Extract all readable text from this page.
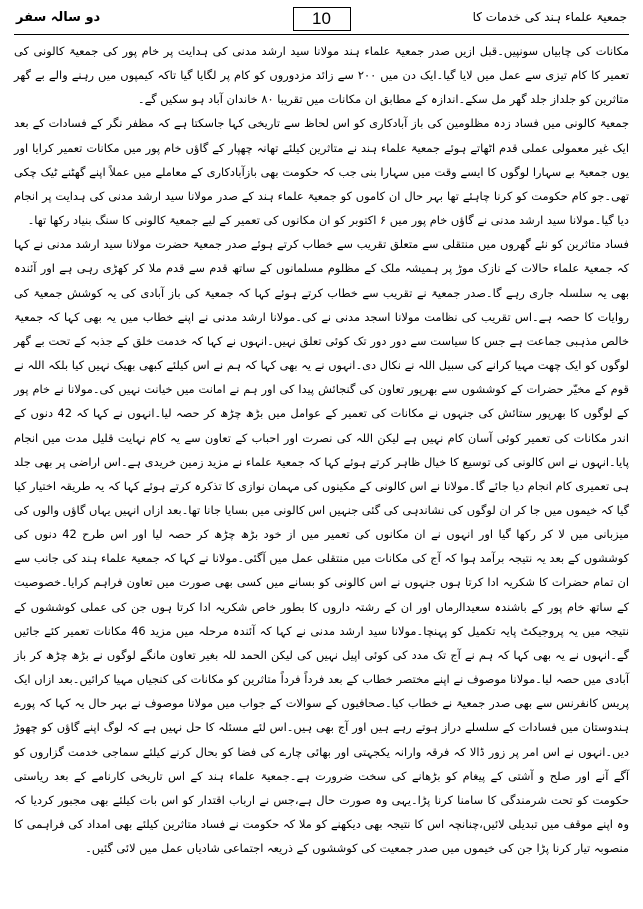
جمعیۃ علماء ہند کی خدمات کا
10
دو سالہ سفر

مکانات کی چابیاں سونپیں۔قبل ازیں صدر جمعیۃ علماء ہند مولانا سید ارشد مدنی کی ہدایت پر خام پور کی جمعیۃ کالونی کی تعمیر کا کام تیزی سے عمل میں لایا گیا۔ایک دن میں ۲۰۰ سے زائد مزدوروں کو کام پر لگایا گیا تاکہ کیمپوں میں رہنے والے بے گھر متاثرین کو جلداز جلد گھر مل سکے۔اندازہ کے مطابق ان مکانات میں تقریبا ۸۰ خاندان آباد ہو سکیں گے۔

جمعیۃ کالونی میں فساد زدہ مظلومین کی باز آبادکاری کو اس لحاظ سے تاریخی کہا جاسکتا ہے کہ مظفر نگر کے فسادات کے بعد ایک غیر معمولی عملی قدم اٹھاتے ہوئے جمعیۃ علماء ہند نے متاثرین کیلئے تھانہ چھپار کے گاؤں خام پور میں مکانات تعمیر کرایا اور یوں جمعیۃ بے سہارا لوگوں کا ایسے وقت میں سہارا بنی جب کہ حکومت بھی بازآبادکاری کے معاملے میں عملاً اپنے گھٹنے ٹیک چکی تھی۔جو کام حکومت کو کرنا چاہئے تھا بہر حال ان کاموں کو جمعیۃ علماء ہند کے صدر مولانا سید ارشد مدنی کی ہدایت پر انجام دیا گیا۔مولانا سید ارشد مدنی نے گاؤں خام پور میں ۶ اکتوبر کو ان مکانوں کی تعمیر کے لیے جمعیۃ کالونی کا سنگ بنیاد رکھا تھا۔

فساد متاثرین کو نئے گھروں میں منتقلی سے متعلق تقریب سے خطاب کرتے ہوئے صدر جمعیۃ حضرت مولانا سید ارشد مدنی نے کہا کہ جمعیۃ علماء حالات کے نازک موڑ پر ہمیشہ ملک کے مظلوم مسلمانوں کے ساتھ قدم سے قدم ملا کر کھڑی رہی ہے اور آئندہ بھی یہ سلسلہ جاری رہے گا۔صدر جمعیۃ نے تقریب سے خطاب کرتے ہوئے کہا کہ جمعیۃ کی باز آبادی کی یہ کوشش جمعیۃ کی روایات کا حصہ ہے۔اس تقریب کی نظامت مولانا اسجد مدنی نے کی۔مولانا ارشد مدنی نے اپنے خطاب میں یہ بھی کہا کہ جمعیۃ خالص مذہبی جماعت ہے جس کا سیاست سے دور دور تک کوئی تعلق نہیں۔انہوں نے کہا کہ خدمت خلق کے جذبہ کے تحت بے گھر لوگوں کو ایک چھت مہیا کرانے کی سبیل اللہ نے نکال دی۔انہوں نے یہ بھی کہا کہ ہم نے اس کیلئے کبھی بھیک نہیں کیا بلکہ اللہ نے قوم کے مخیّر حضرات کے کوششوں سے بھرپور تعاون کی گنجائش پیدا کی اور ہم نے امانت میں خیانت نہیں کی۔مولانا نے خام پور کے لوگوں کا بھرپور ستائش کی جنہوں نے مکانات کی تعمیر کے عوامل میں بڑھ چڑھ کر حصہ لیا۔انہوں نے کہا کہ 42 دنوں کے اندر مکانات کی تعمیر کوئی آسان کام نہیں ہے لیکن اللہ کی نصرت اور احباب کے تعاون سے یہ کام نہایت قلیل مدت میں انجام پایا۔انہوں نے اس کالونی کی توسیع کا خیال ظاہر کرتے ہوئے کہا کہ جمعیۃ علماء نے مزید زمین خریدی ہے۔اس اراضی پر بھی جلد ہی تعمیری کام انجام دیا جائے گا۔مولانا نے اس کالونی کے مکینوں کی مہمان نوازی کا تذکرہ کرتے ہوئے کہا کہ یہ طریقہ اختیار کیا گیا کہ خیموں میں جا کر ان لوگوں کی نشاندہی کی گئی جنہیں اس کالونی میں بسایا جانا تھا۔بعد ازاں انہیں یہاں گاؤں والوں کی میزبانی میں لا کر رکھا گیا اور انہوں نے ان مکانوں کی تعمیر میں از خود بڑھ چڑھ کر حصہ لیا اور اس طرح 42 دنوں کی کوششوں کے بعد یہ نتیجہ برآمد ہوا کہ آج کی مکانات میں منتقلی عمل میں آگئی۔مولانا نے کہا کہ جمعیۃ علماء ہند کی جانب سے ان تمام حضرات کا شکریہ ادا کرتا ہوں جنہوں نے اس کالونی کو بسانے میں کسی بھی صورت میں تعاون فراہم کرایا۔خصوصیت کے ساتھ خام پور کے باشندہ سعیداﻟرماں اور ان کے رشتہ داروں کا بطور خاص شکریہ ادا کرتا ہوں جن کی عملی کوششوں کے نتیجہ میں یہ پروجیکٹ پایہ تکمیل کو پہنچا۔مولانا سید ارشد مدنی نے کہا کہ آئندہ مرحلہ میں مزید 46 مکانات تعمیر کئے جائیں گے۔انہوں نے یہ بھی کہا کہ ہم نے آج تک مدد کی کوئی اپیل نہیں کی لیکن الحمد للہ بغیر تعاون مانگے لوگوں نے بڑھ چڑھ کر باز آبادی میں حصہ لیا۔مولانا موصوف نے اپنے مختصر خطاب کے بعد فرداً فرداً متاثرین کو مکانات کی کنجیاں مہیا کرائیں۔بعد ازاں ایک پریس کانفرنس سے بھی صدر جمعیۃ نے خطاب کیا۔صحافیوں کے سوالات کے جواب میں مولانا موصوف نے بہر حال یہ کہا کہ پورے ہندوستان میں فسادات کے سلسلے دراز ہوتے رہے ہیں اور آج بھی ہیں۔اس لئے مسئلہ کا حل نہیں ہے کہ لوگ اپنے گاؤں کو چھوڑ دیں۔انہوں نے اس امر پر زور ڈالا کہ فرقہ وارانہ یکجہتی اور بھائی چارے کی فضا کو بحال کرنے کیلئے سماجی خدمت گزاروں کو آگے آنے اور صلح و آشتی کے پیغام کو بڑھانے کی سخت ضرورت ہے۔جمعیۃ علماء ہند کے اس تاریخی کارنامے کے بعد ریاستی حکومت کو تحت شرمندگی کا سامنا کرنا پڑا۔یہی وہ صورت حال ہے،جس نے ارباب اقتدار کو اس بات کیلئے بھی مجبور کردیا کہ وہ اپنے موقف میں تبدیلی لائیں،چنانچہ اس کا نتیجہ بھی دیکھنے کو ملا کہ حکومت نے فساد متاثرین کیلئے بھی امداد کی فراہمی کا منصوبہ تیار کرنا پڑا جن کی خیموں میں صدر جمعیت کی کوششوں کے ذریعہ اجتماعی شادیاں عمل میں لائی گئیں۔
